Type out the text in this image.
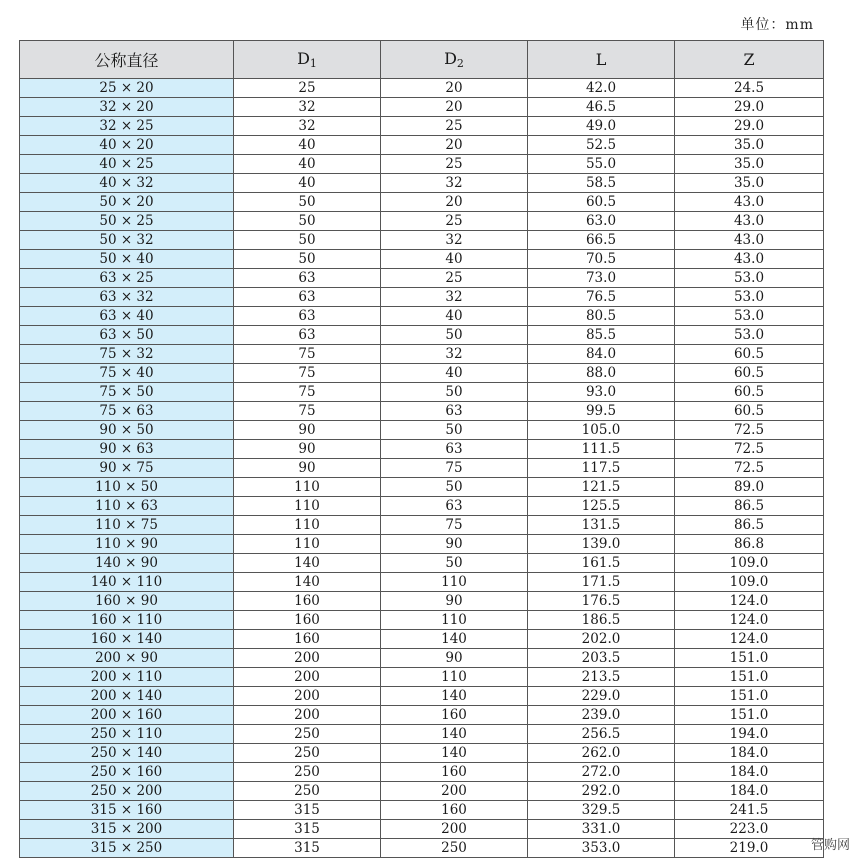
单位：mm
公称直径	$D_1$	$D_2$	L	Z
25 × 20	25	20	42.0	24.5
32 × 20	32	20	46.5	29.0
32 × 25	32	25	49.0	29.0
40 × 20	40	20	52.5	35.0
40 × 25	40	25	55.0	35.0
40 × 32	40	32	58.5	35.0
50 × 20	50	20	60.5	43.0
50 × 25	50	25	63.0	43.0
50 × 32	50	32	66.5	43.0
50 × 40	50	40	70.5	43.0
63 × 25	63	25	73.0	53.0
63 × 32	63	32	76.5	53.0
63 × 40	63	40	80.5	53.0
63 × 50	63	50	85.5	53.0
75 × 32	75	32	84.0	60.5
75 × 40	75	40	88.0	60.5
75 × 50	75	50	93.0	60.5
75 × 63	75	63	99.5	60.5
90 × 50	90	50	105.0	72.5
90 × 63	90	63	111.5	72.5
90 × 75	90	75	117.5	72.5
110 × 50	110	50	121.5	89.0
110 × 63	110	63	125.5	86.5
110 × 75	110	75	131.5	86.5
110 × 90	110	90	139.0	86.8
140 × 90	140	50	161.5	109.0
140 × 110	140	110	171.5	109.0
160 × 90	160	90	176.5	124.0
160 × 110	160	110	186.5	124.0
160 × 140	160	140	202.0	124.0
200 × 90	200	90	203.5	151.0
200 × 110	200	110	213.5	151.0
200 × 140	200	140	229.0	151.0
200 × 160	200	160	239.0	151.0
250 × 110	250	140	256.5	194.0
250 × 140	250	140	262.0	184.0
250 × 160	250	160	272.0	184.0
250 × 200	250	200	292.0	184.0
315 × 160	315	160	329.5	241.5
315 × 200	315	200	331.0	223.0
315 × 250	315	250	353.0	219.0	管购网
